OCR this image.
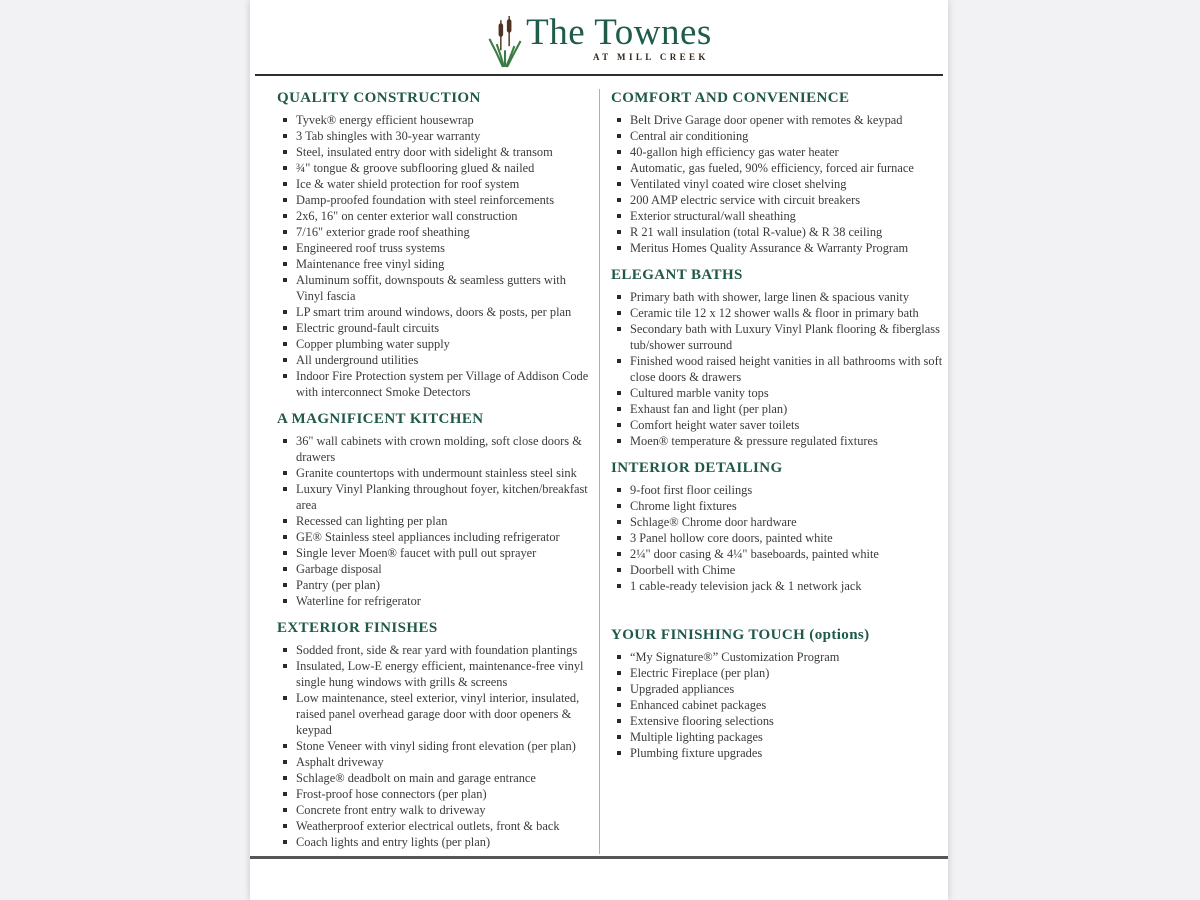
The Townes
AT MILL CREEK
QUALITY CONSTRUCTION
Tyvek® energy efficient housewrap
3 Tab shingles with 30-year warranty
Steel, insulated entry door with sidelight & transom
¾" tongue & groove subflooring glued & nailed
Ice & water shield protection for roof system
Damp-proofed foundation with steel reinforcements
2x6, 16" on center exterior wall construction
7/16" exterior grade roof sheathing
Engineered roof truss systems
Maintenance free vinyl siding
Aluminum soffit, downspouts & seamless gutters with Vinyl fascia
LP smart trim around windows, doors & posts, per plan
Electric ground-fault circuits
Copper plumbing water supply
All underground utilities
Indoor Fire Protection system per Village of Addison Code with interconnect Smoke Detectors
A MAGNIFICENT KITCHEN
36" wall cabinets with crown molding, soft close doors & drawers
Granite countertops with undermount stainless steel sink
Luxury Vinyl Planking throughout foyer, kitchen/breakfast area
Recessed can lighting per plan
GE® Stainless steel appliances including refrigerator
Single lever Moen® faucet with pull out sprayer
Garbage disposal
Pantry (per plan)
Waterline for refrigerator
EXTERIOR FINISHES
Sodded front, side & rear yard with foundation plantings
Insulated, Low-E energy efficient, maintenance-free vinyl single hung windows with grills & screens
Low maintenance, steel exterior, vinyl interior, insulated, raised panel overhead garage door with door openers & keypad
Stone Veneer with vinyl siding front elevation (per plan)
Asphalt driveway
Schlage® deadbolt on main and garage entrance
Frost-proof hose connectors (per plan)
Concrete front entry walk to driveway
Weatherproof exterior electrical outlets, front & back
Coach lights and entry lights (per plan)
COMFORT AND CONVENIENCE
Belt Drive Garage door opener with remotes & keypad
Central air conditioning
40-gallon high efficiency gas water heater
Automatic, gas fueled, 90% efficiency, forced air furnace
Ventilated vinyl coated wire closet shelving
200 AMP electric service with circuit breakers
Exterior structural/wall sheathing
R 21 wall insulation (total R-value) & R 38 ceiling
Meritus Homes Quality Assurance & Warranty Program
ELEGANT BATHS
Primary bath with shower, large linen & spacious vanity
Ceramic tile 12 x 12 shower walls & floor in primary bath
Secondary bath with Luxury Vinyl Plank flooring & fiberglass tub/shower surround
Finished wood raised height vanities in all bathrooms with soft close doors & drawers
Cultured marble vanity tops
Exhaust fan and light (per plan)
Comfort height water saver toilets
Moen® temperature & pressure regulated fixtures
INTERIOR DETAILING
9-foot first floor ceilings
Chrome light fixtures
Schlage® Chrome door hardware
3 Panel hollow core doors, painted white
2¼" door casing & 4¼" baseboards, painted white
Doorbell with Chime
1 cable-ready television jack & 1 network jack
YOUR FINISHING TOUCH (options)
“My Signature®” Customization Program
Electric Fireplace (per plan)
Upgraded appliances
Enhanced cabinet packages
Extensive flooring selections
Multiple lighting packages
Plumbing fixture upgrades
